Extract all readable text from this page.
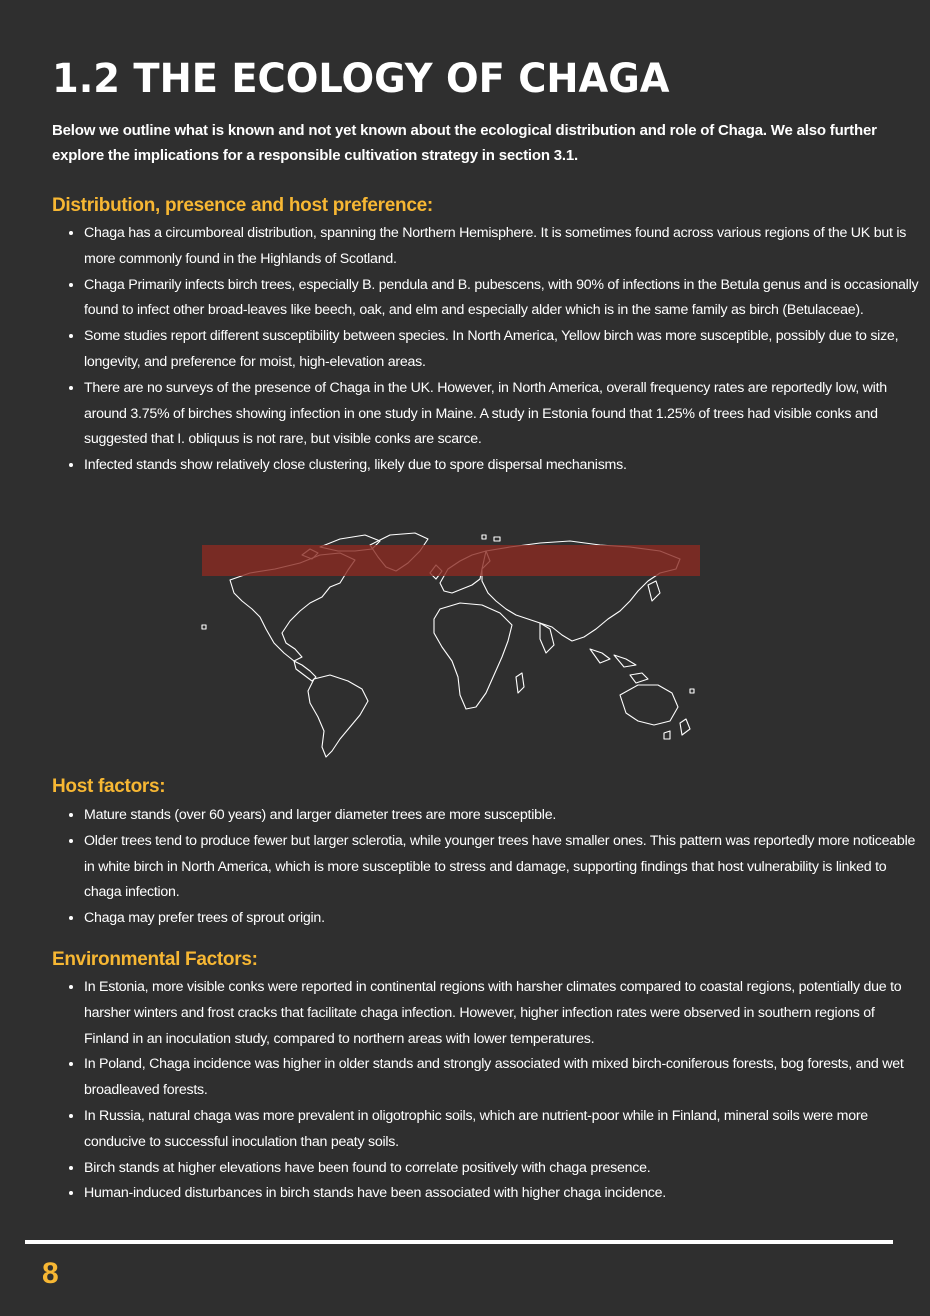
1.2 THE ECOLOGY OF CHAGA

Below we outline what is known and not yet known about the ecological distribution and role of Chaga. We also further explore the implications for a responsible cultivation strategy in section 3.1.

Distribution, presence and host preference:
• Chaga has a circumboreal distribution, spanning the Northern Hemisphere. It is sometimes found across various regions of the UK but is more commonly found in the Highlands of Scotland.
• Chaga Primarily infects birch trees, especially B. pendula and B. pubescens, with 90% of infections in the Betula genus and is occasionally found to infect other broad-leaves like beech, oak, and elm and especially alder which is in the same family as birch (Betulaceae).
• Some studies report different susceptibility between species. In North America, Yellow birch was more susceptible, possibly due to size, longevity, and preference for moist, high-elevation areas.
• There are no surveys of the presence of Chaga in the UK. However, in North America, overall frequency rates are reportedly low, with around 3.75% of birches showing infection in one study in Maine. A study in Estonia found that 1.25% of trees had visible conks and suggested that I. obliquus is not rare, but visible conks are scarce.
• Infected stands show relatively close clustering, likely due to spore dispersal mechanisms.
Host factors:
• Mature stands (over 60 years) and larger diameter trees are more susceptible.
• Older trees tend to produce fewer but larger sclerotia, while younger trees have smaller ones. This pattern was reportedly more noticeable in white birch in North America, which is more susceptible to stress and damage, supporting findings that host vulnerability is linked to chaga infection.
• Chaga may prefer trees of sprout origin.
Environmental Factors:
• In Estonia, more visible conks were reported in continental regions with harsher climates compared to coastal regions, potentially due to harsher winters and frost cracks that facilitate chaga infection. However, higher infection rates were observed in southern regions of Finland in an inoculation study, compared to northern areas with lower temperatures.
• In Poland, Chaga incidence was higher in older stands and strongly associated with mixed birch-coniferous forests, bog forests, and wet broadleaved forests.
• In Russia, natural chaga was more prevalent in oligotrophic soils, which are nutrient-poor while in Finland, mineral soils were more conducive to successful inoculation than peaty soils.
• Birch stands at higher elevations have been found to correlate positively with chaga presence.
• Human-induced disturbances in birch stands have been associated with higher chaga incidence.
8
